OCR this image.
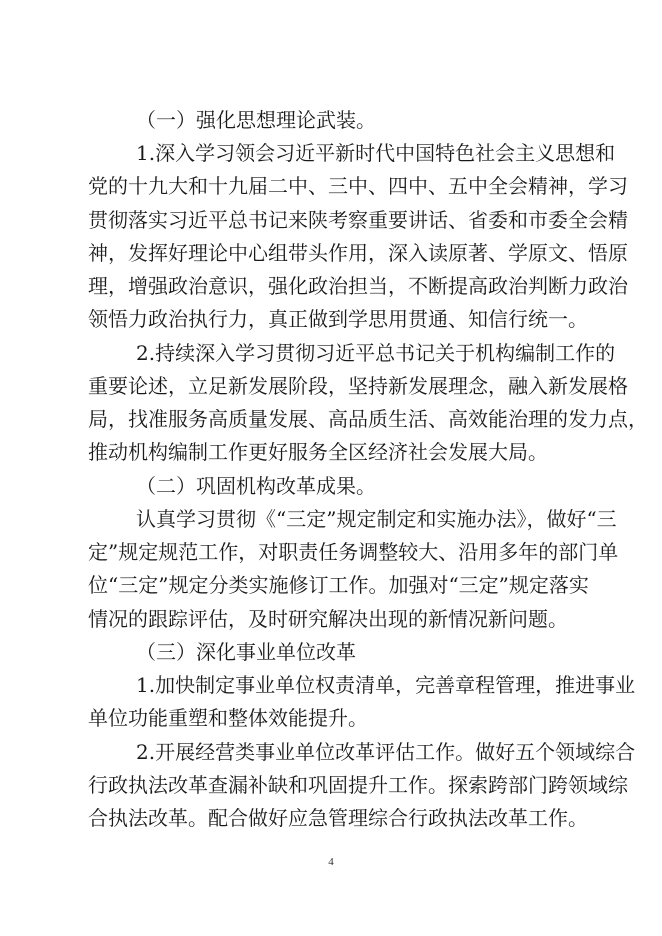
（一）强化思想理论武装。
1.深入学习领会习近平新时代中国特色社会主义思想和
党的十九大和十九届二中、三中、四中、五中全会精神，学习
贯彻落实习近平总书记来陕考察重要讲话、省委和市委全会精
神，发挥好理论中心组带头作用，深入读原著、学原文、悟原
理，增强政治意识，强化政治担当，不断提高政治判断力政治
领悟力政治执行力，真正做到学思用贯通、知信行统一。
2.持续深入学习贯彻习近平总书记关于机构编制工作的
重要论述，立足新发展阶段，坚持新发展理念，融入新发展格
局，找准服务高质量发展、高品质生活、高效能治理的发力点，
推动机构编制工作更好服务全区经济社会发展大局。
（二）巩固机构改革成果。
认真学习贯彻《“三定”规定制定和实施办法》，做好“三
定”规定规范工作，对职责任务调整较大、沿用多年的部门单
位“三定”规定分类实施修订工作。加强对“三定”规定落实
情况的跟踪评估，及时研究解决出现的新情况新问题。
（三）深化事业单位改革
1.加快制定事业单位权责清单，完善章程管理，推进事业
单位功能重塑和整体效能提升。
2.开展经营类事业单位改革评估工作。做好五个领域综合
行政执法改革查漏补缺和巩固提升工作。探索跨部门跨领域综
合执法改革。配合做好应急管理综合行政执法改革工作。
4
